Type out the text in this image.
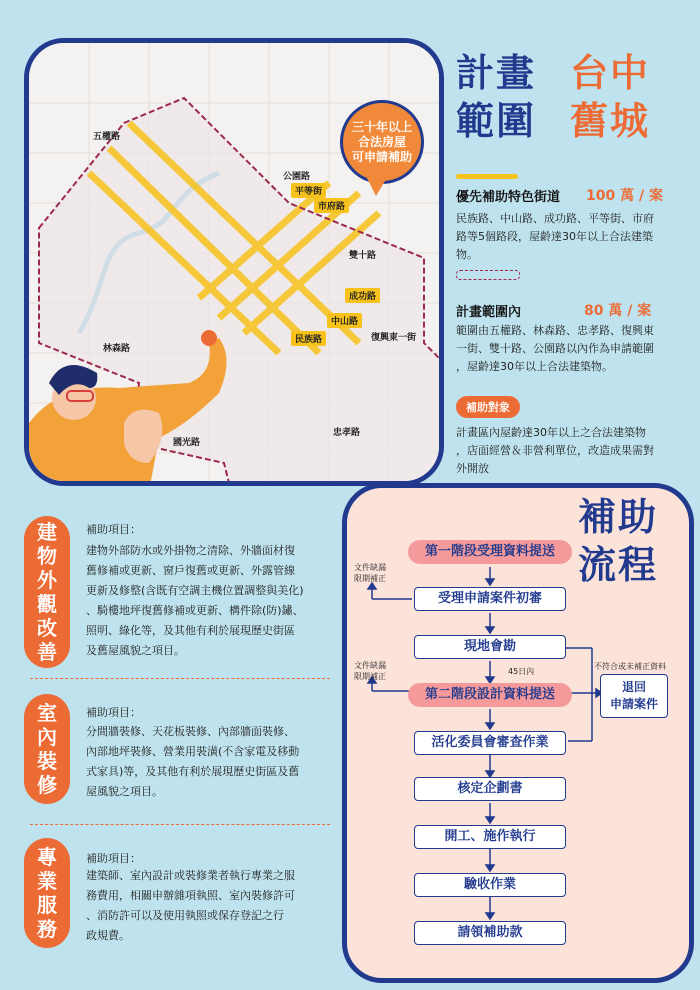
五權路
公園路
平等街
市府路
雙十路
成功路
中山路
民族路	復興東一街
林森路
國光路
忠孝路
三十年以上
合法房屋
可申請補助
計畫
範圍
台中
舊城
優先補助特色街道 100 萬 / 案
民族路、中山路、成功路、平等街、市府
路等5個路段，屋齡達30年以上合法建築
物。
計畫範圍內	80 萬 / 案
範圍由五權路、林森路、忠孝路、復興東
一街、雙十路、公園路以內作為申請範圍
，屋齡達30年以上合法建築物。
補助對象
計畫區內屋齡達30年以上之合法建築物
，店面經營＆非營利單位，改造成果需對
外開放
建
物
外
觀
改
善
補助項目：
建物外部防水或外掛物之清除、外牆面材復
舊修補或更新、窗戶復舊或更新、外露管線
更新及修整(含既有空調主機位置調整與美化)
、騎樓地坪復舊修補或更新、構件除(防)鏽、
照明、綠化等，及其他有利於展現歷史街區
及舊屋風貌之項目。
室
內
裝
修
補助項目：
分間牆裝修、天花板裝修、內部牆面裝修、
內部地坪裝修、營業用裝潢(不含家電及移動
式家具)等，及其他有利於展現歷史街區及舊
屋風貌之項目。
專
業
服
務
補助項目：
建築師、室內設計或裝修業者執行專業之服
務費用，相關申辦雜項執照、室內裝修許可
、消防許可以及使用執照或保存登記之行
政規費。
補助
流程
第一階段受理資料提送
受理申請案件初審
現地會勘
第二階段設計資料提送
活化委員會審查作業
核定企劃書
開工、施作執行
驗收作業
請領補助款
文件缺漏
限期補正
文件缺漏
限期補正
45日內
不符合或未補正資料
退回
申請案件
